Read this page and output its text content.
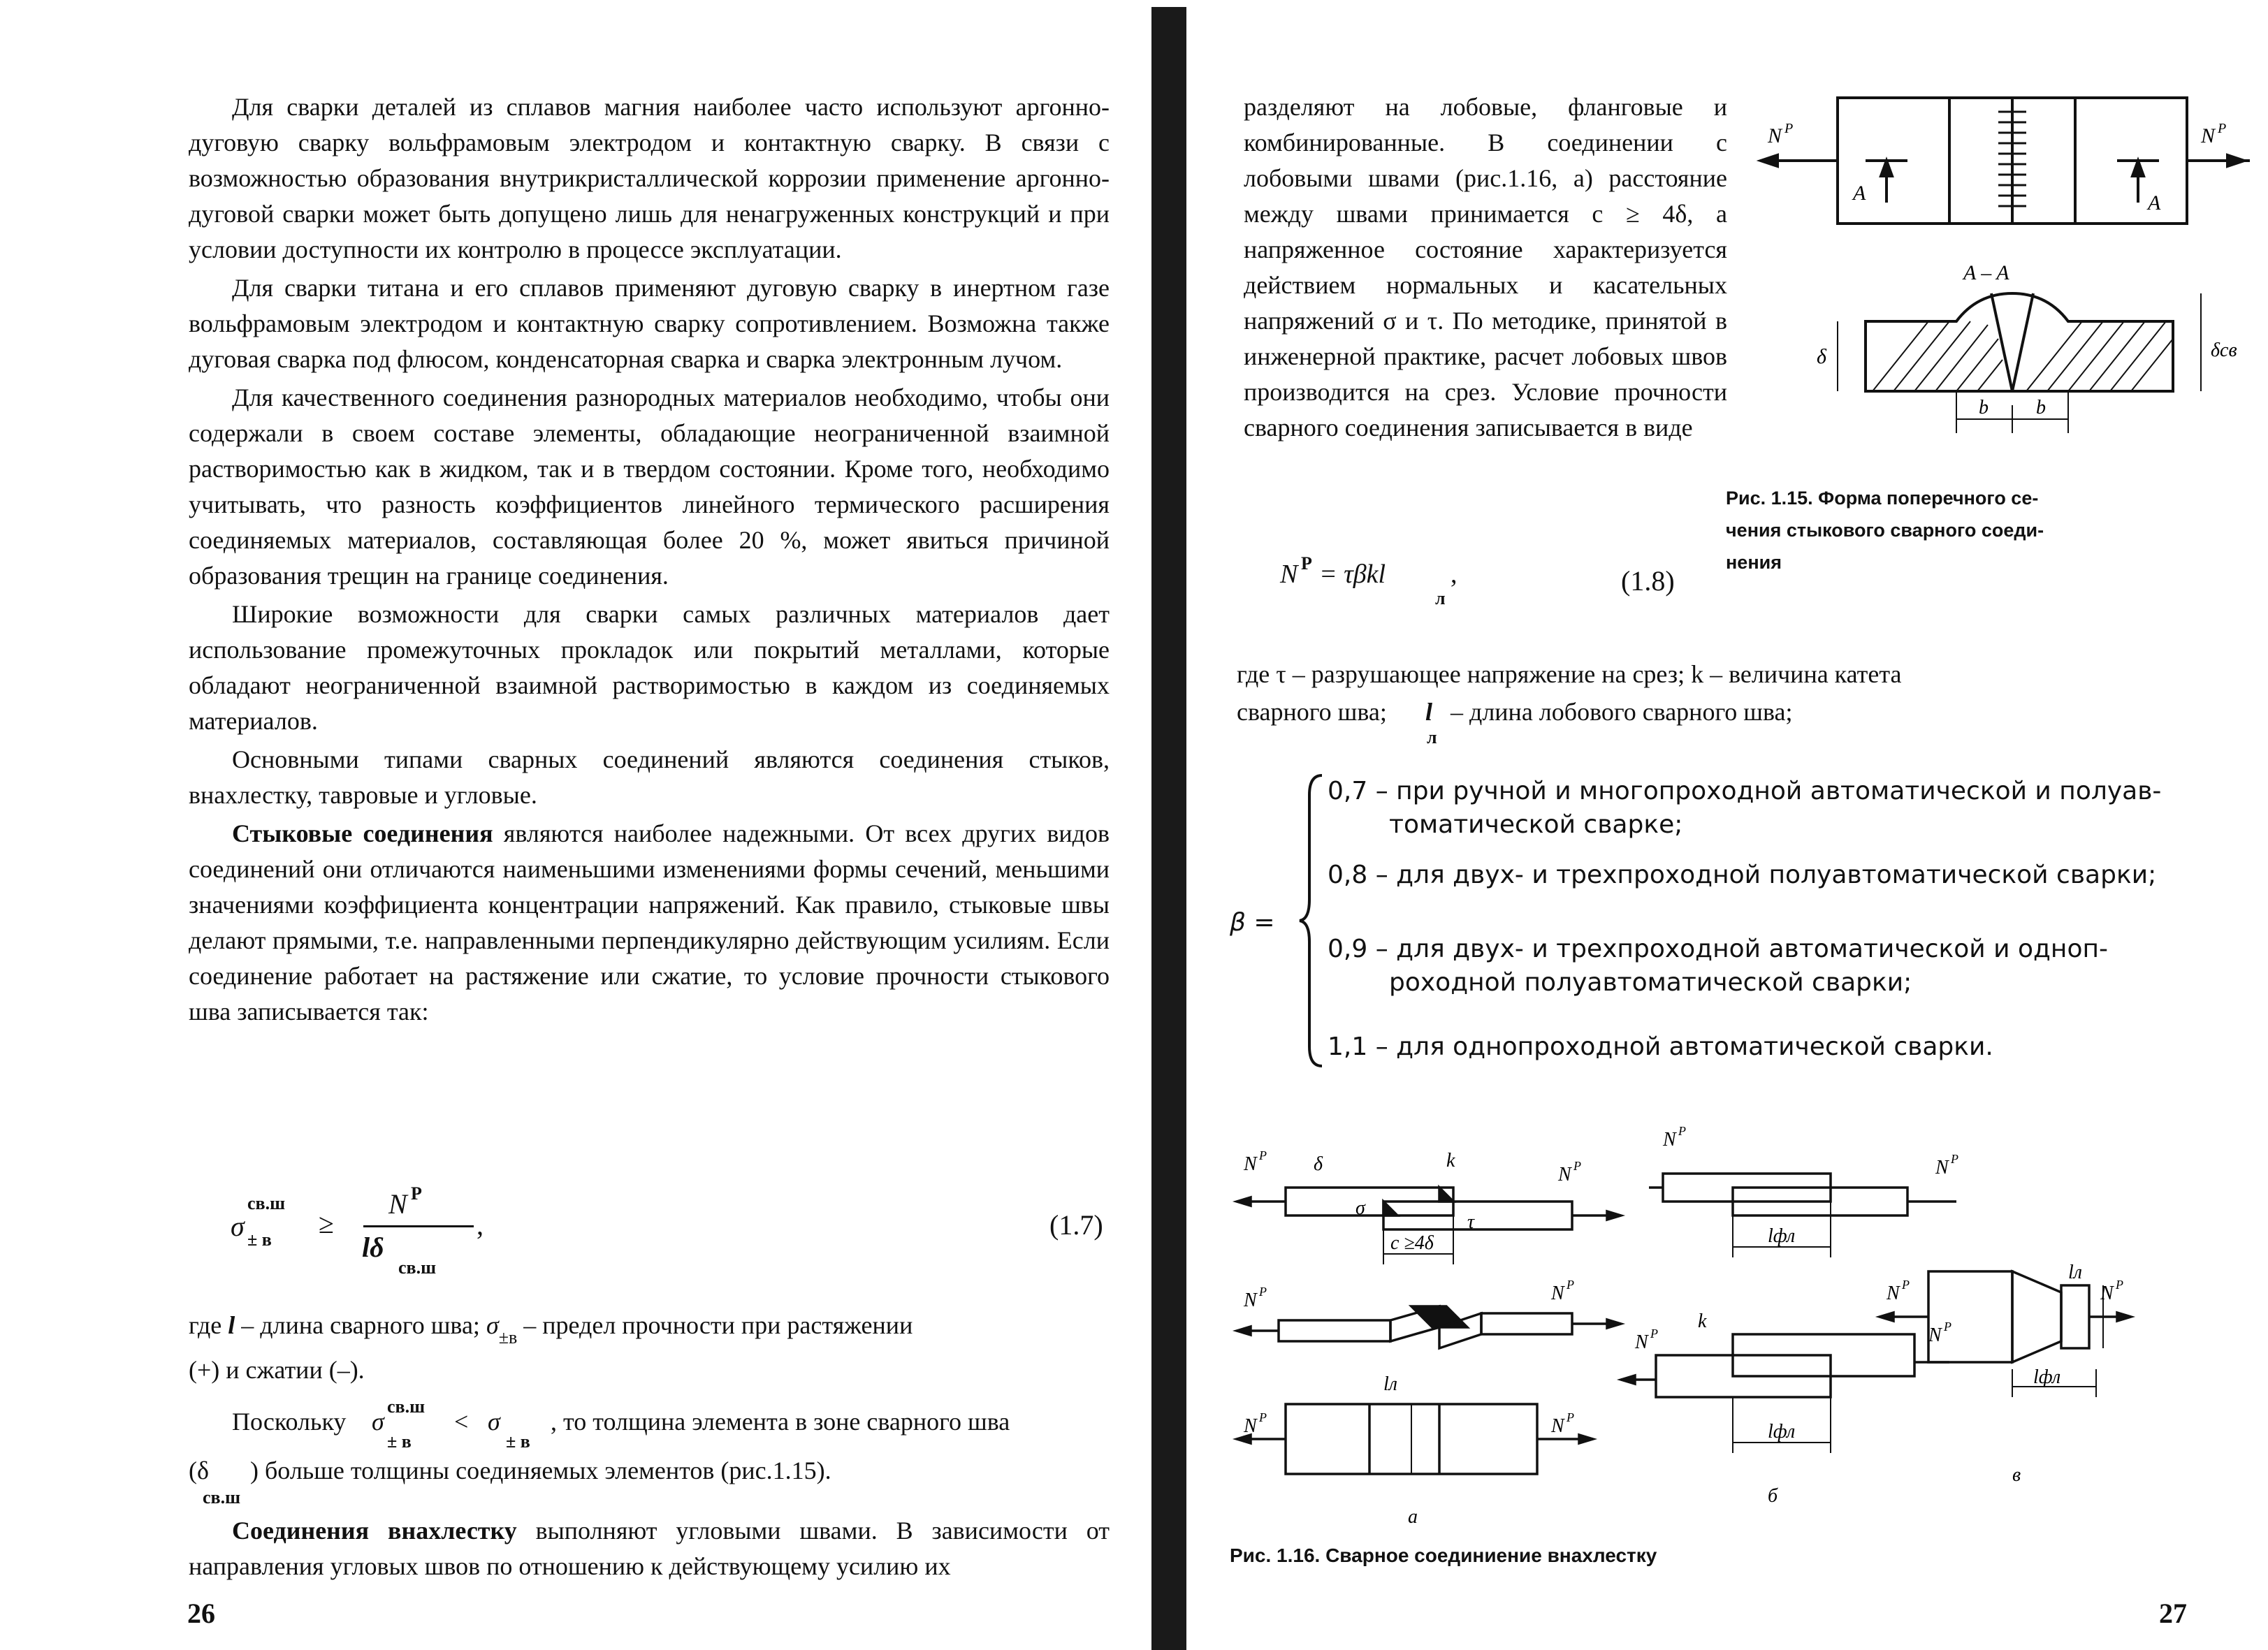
Для сварки деталей из сплавов магния наиболее часто используют аргонно-дуговую сварку вольфрамовым электродом и контактную сварку. В связи с возможностью образования внутрикристаллической коррозии применение аргонно-дуговой сварки может быть допущено лишь для ненагруженных конструкций и при условии доступности их контролю в процессе эксплуатации.

Для сварки титана и его сплавов применяют дуговую сварку в инертном газе вольфрамовым электродом и контактную сварку сопротивлением. Возможна также дуговая сварка под флюсом, конденсаторная сварка и сварка электронным лучом.

Для качественного соединения разнородных материалов необходимо, чтобы они содержали в своем составе элементы, обладающие неограниченной взаимной растворимостью как в жидком, так и в твердом состоянии. Кроме того, необходимо учитывать, что разность коэффициентов линейного термического расширения соединяемых материалов, составляющая более 20 %, может явиться причиной образования трещин на границе соединения.

Широкие возможности для сварки самых различных материалов дает использование промежуточных прокладок или покрытий металлами, которые обладают неограниченной взаимной растворимостью в каждом из соединяемых материалов.

Основными типами сварных соединений являются соединения стыков, внахлестку, тавровые и угловые.

Стыковые соединения являются наиболее надежными. От всех других видов соединений они отличаются наименьшими изменениями формы сечений, меньшими значениями коэффициента концентрации напряжений. Как правило, стыковые швы делают прямыми, т.е. направленными перпендикулярно действующим усилиям. Если соединение работает на растяжение или сжатие, то условие прочности стыкового шва записывается так:

σ
св.ш
± в
≥
N Р
lδ
св.ш
,	(1.7)
где l – длина сварного шва; $\sigma_{\pm в}$ – предел прочности при растяжении
(+) и сжатии (–).
Поскольку σ
св.ш
± в
< σ
± в
, то толщина элемента в зоне сварного шва
(δ
св.ш
) больше толщины соединяемых элементов (рис.1.15).
Соединения внахлестку выполняют угловыми швами. В зависимости от направления угловых швов по отношению к действующему усилию их
26
разделяют на лобовые, фланговые и комбинированные. В соединении с лобовыми швами (рис.1.16, а) расстояние между швами принимается c ≥ 4δ, а напряженное состояние характеризуется действием нормальных и касательных напряжений σ и τ. По методике, принятой в инженерной практике, расчет лобовых швов производится на срез. Условие прочности сварного соединения записывается в виде
N Р = τβkl
л
,	(1.8)
N Р	N Р
A	A
A – A
δ	δсв
b b
Рис. 1.15. Форма поперечного се-
чения стыкового сварного соеди-
нения
где τ – разрушающее напряжение на срез; k – величина катета
сварного шва; l
л
– длина лобового сварного шва;
β =
0,7 – при ручной и многопроходной автоматической и полуав-
томатической сварке;
0,8 – для двух- и трехпроходной полуавтоматической сварки;
0,9 – для двух- и трехпроходной автоматической и одноп-
роходной полуавтоматической сварки;
1,1 – для однопроходной автоматической сварки.
N Р δ	k
σ
τ
N Р
c ≥4δ
N Р	N Р
lл
N Р	N Р
а
N Р
N Р
lфл
k
N Р	N Р
lфл
б
N Р	N Р
lл
lфл
в
Рис. 1.16. Сварное соединиение внахлестку
27
